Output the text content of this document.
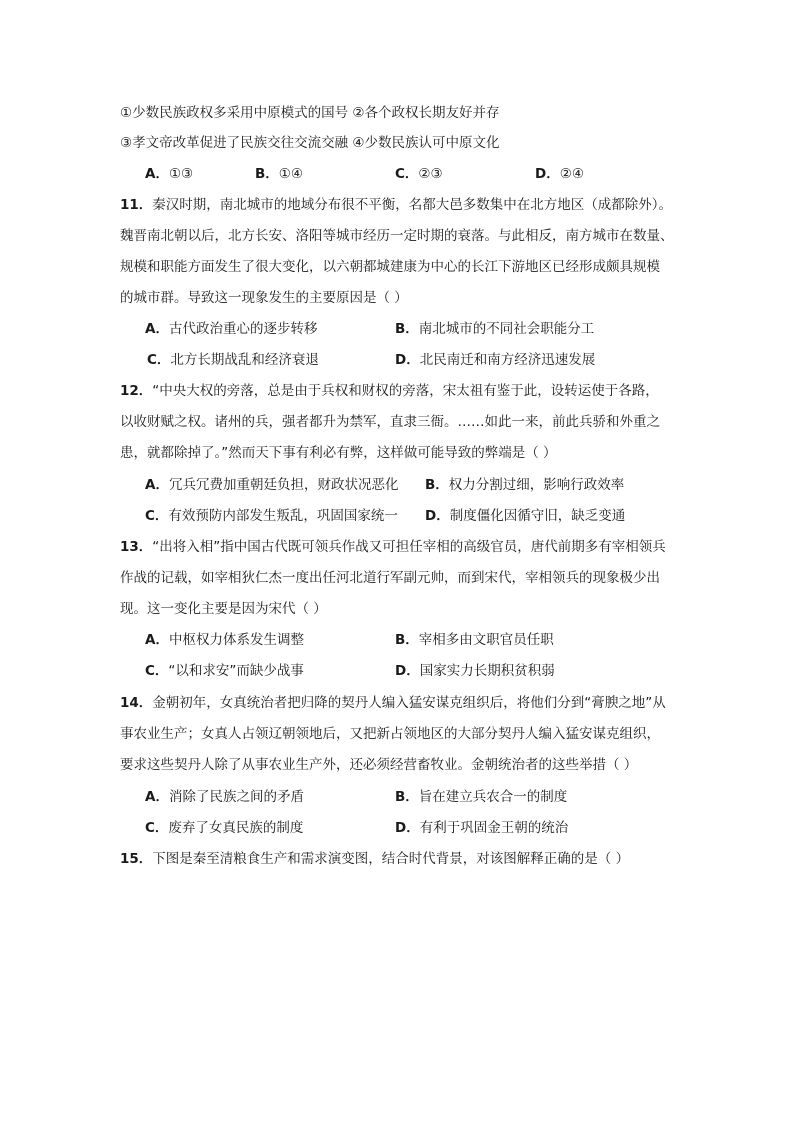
①少数民族政权多采用中原模式的国号 ②各个政权长期友好并存
③孝文帝改革促进了民族交往交流交融 ④少数民族认可中原文化
A．①③	B．①④	C．②③	D．②④
11．秦汉时期，南北城市的地域分布很不平衡，名都大邑多数集中在北方地区（成都除外）。
魏晋南北朝以后，北方长安、洛阳等城市经历一定时期的衰落。与此相反，南方城市在数量、
规模和职能方面发生了很大变化，以六朝都城建康为中心的长江下游地区已经形成颇具规模
的城市群。导致这一现象发生的主要原因是（ ）
A．古代政治重心的逐步转移	B．南北城市的不同社会职能分工
C．北方长期战乱和经济衰退	D．北民南迁和南方经济迅速发展
12．“中央大权的旁落，总是由于兵权和财权的旁落，宋太祖有鉴于此，设转运使于各路，
以收财赋之权。诸州的兵，强者都升为禁军，直隶三衙。……如此一来，前此兵骄和外重之
患，就都除掉了。”然而天下事有利必有弊，这样做可能导致的弊端是（ ）
A．冗兵冗费加重朝廷负担，财政状况恶化 B．权力分割过细，影响行政效率
C．有效预防内部发生叛乱，巩固国家统一 D．制度僵化因循守旧，缺乏变通
13．“出将入相”指中国古代既可领兵作战又可担任宰相的高级官员，唐代前期多有宰相领兵
作战的记载，如宰相狄仁杰一度出任河北道行军副元帅，而到宋代，宰相领兵的现象极少出
现。这一变化主要是因为宋代（ ）
A．中枢权力体系发生调整	B．宰相多由文职官员任职
C．“以和求安”而缺少战事	D．国家实力长期积贫积弱
14．金朝初年，女真统治者把归降的契丹人编入猛安谋克组织后，将他们分到“膏腴之地”从
事农业生产；女真人占领辽朝领地后，又把新占领地区的大部分契丹人编入猛安谋克组织，
要求这些契丹人除了从事农业生产外，还必须经营畜牧业。金朝统治者的这些举措（ ）
A．消除了民族之间的矛盾	B．旨在建立兵农合一的制度
C．废弃了女真民族的制度	D．有利于巩固金王朝的统治
15．下图是秦至清粮食生产和需求演变图，结合时代背景，对该图解释正确的是（ ）
